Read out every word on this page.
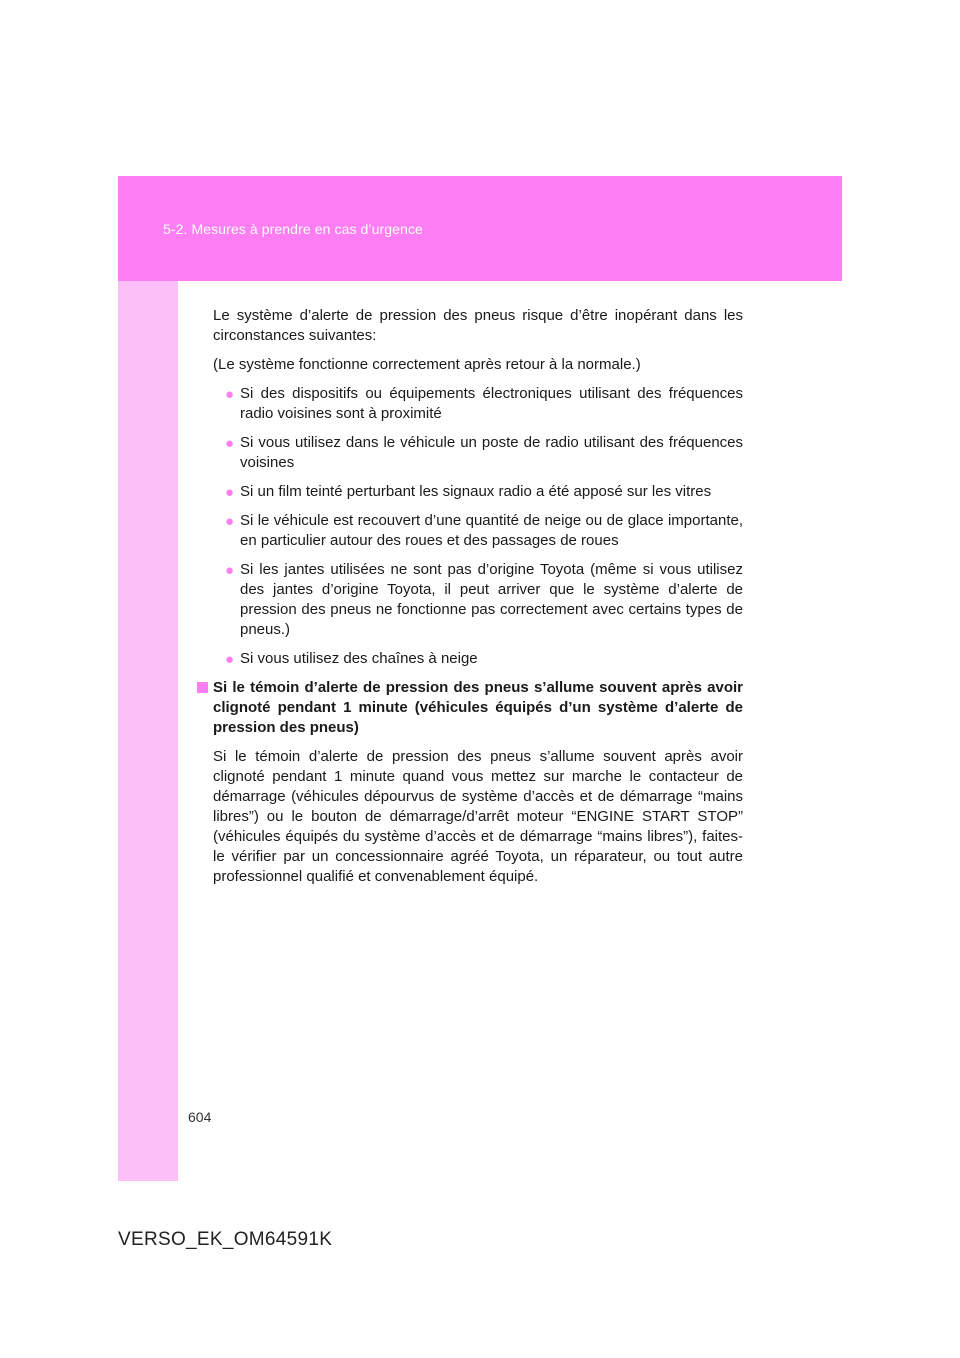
5-2. Mesures à prendre en cas d’urgence

Le système d’alerte de pression des pneus risque d’être inopérant dans les circonstances suivantes:

(Le système fonctionne correctement après retour à la normale.)

● Si des dispositifs ou équipements électroniques utilisant des fréquences radio voisines sont à proximité
● Si vous utilisez dans le véhicule un poste de radio utilisant des fréquences voisines
● Si un film teinté perturbant les signaux radio a été apposé sur les vitres
● Si le véhicule est recouvert d’une quantité de neige ou de glace importante, en particulier autour des roues et des passages de roues
● Si les jantes utilisées ne sont pas d’origine Toyota (même si vous utilisez des jantes d’origine Toyota, il peut arriver que le système d’alerte de pression des pneus ne fonctionne pas correctement avec certains types de pneus.)
● Si vous utilisez des chaînes à neige

Si le témoin d’alerte de pression des pneus s’allume souvent après avoir clignoté pendant 1 minute (véhicules équipés d’un système d’alerte de pression des pneus)

Si le témoin d’alerte de pression des pneus s’allume souvent après avoir clignoté pendant 1 minute quand vous mettez sur marche le contacteur de démarrage (véhicules dépourvus de système d’accès et de démarrage “mains libres”) ou le bouton de démarrage/d’arrêt moteur “ENGINE START STOP” (véhicules équipés du système d’accès et de démarrage “mains libres”), faites-le vérifier par un concessionnaire agréé Toyota, un réparateur, ou tout autre professionnel qualifié et convenablement équipé.

604
VERSO_EK_OM64591K
